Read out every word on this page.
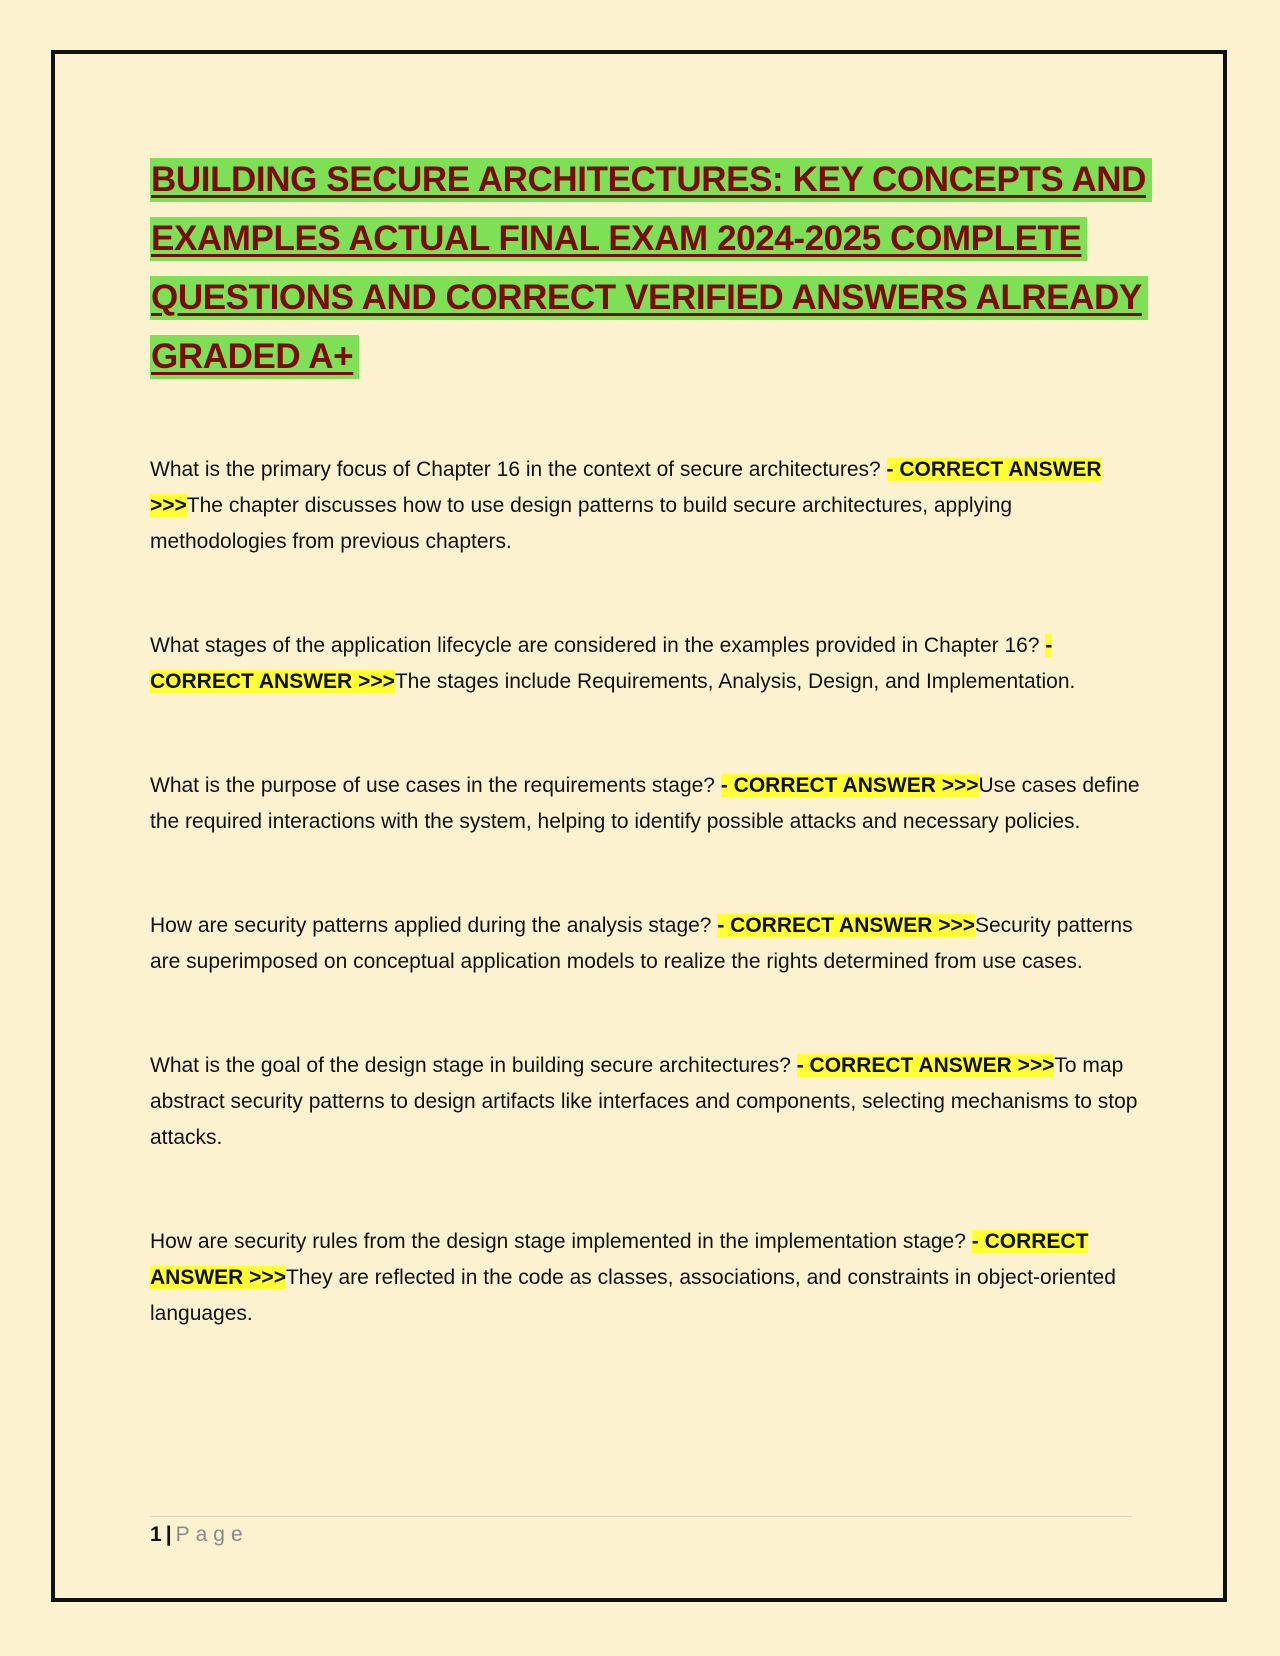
BUILDING SECURE ARCHITECTURES: KEY CONCEPTS AND EXAMPLES ACTUAL FINAL EXAM 2024-2025 COMPLETE QUESTIONS AND CORRECT VERIFIED ANSWERS ALREADY GRADED A+

What is the primary focus of Chapter 16 in the context of secure architectures? - CORRECT ANSWER >>>The chapter discusses how to use design patterns to build secure architectures, applying methodologies from previous chapters.

What stages of the application lifecycle are considered in the examples provided in Chapter 16? - CORRECT ANSWER >>>The stages include Requirements, Analysis, Design, and Implementation.

What is the purpose of use cases in the requirements stage? - CORRECT ANSWER >>>Use cases define the required interactions with the system, helping to identify possible attacks and necessary policies.

How are security patterns applied during the analysis stage? - CORRECT ANSWER >>>Security patterns are superimposed on conceptual application models to realize the rights determined from use cases.

What is the goal of the design stage in building secure architectures? - CORRECT ANSWER >>>To map abstract security patterns to design artifacts like interfaces and components, selecting mechanisms to stop attacks.

How are security rules from the design stage implemented in the implementation stage? - CORRECT ANSWER >>>They are reflected in the code as classes, associations, and constraints in object-oriented languages.

1 | Page
